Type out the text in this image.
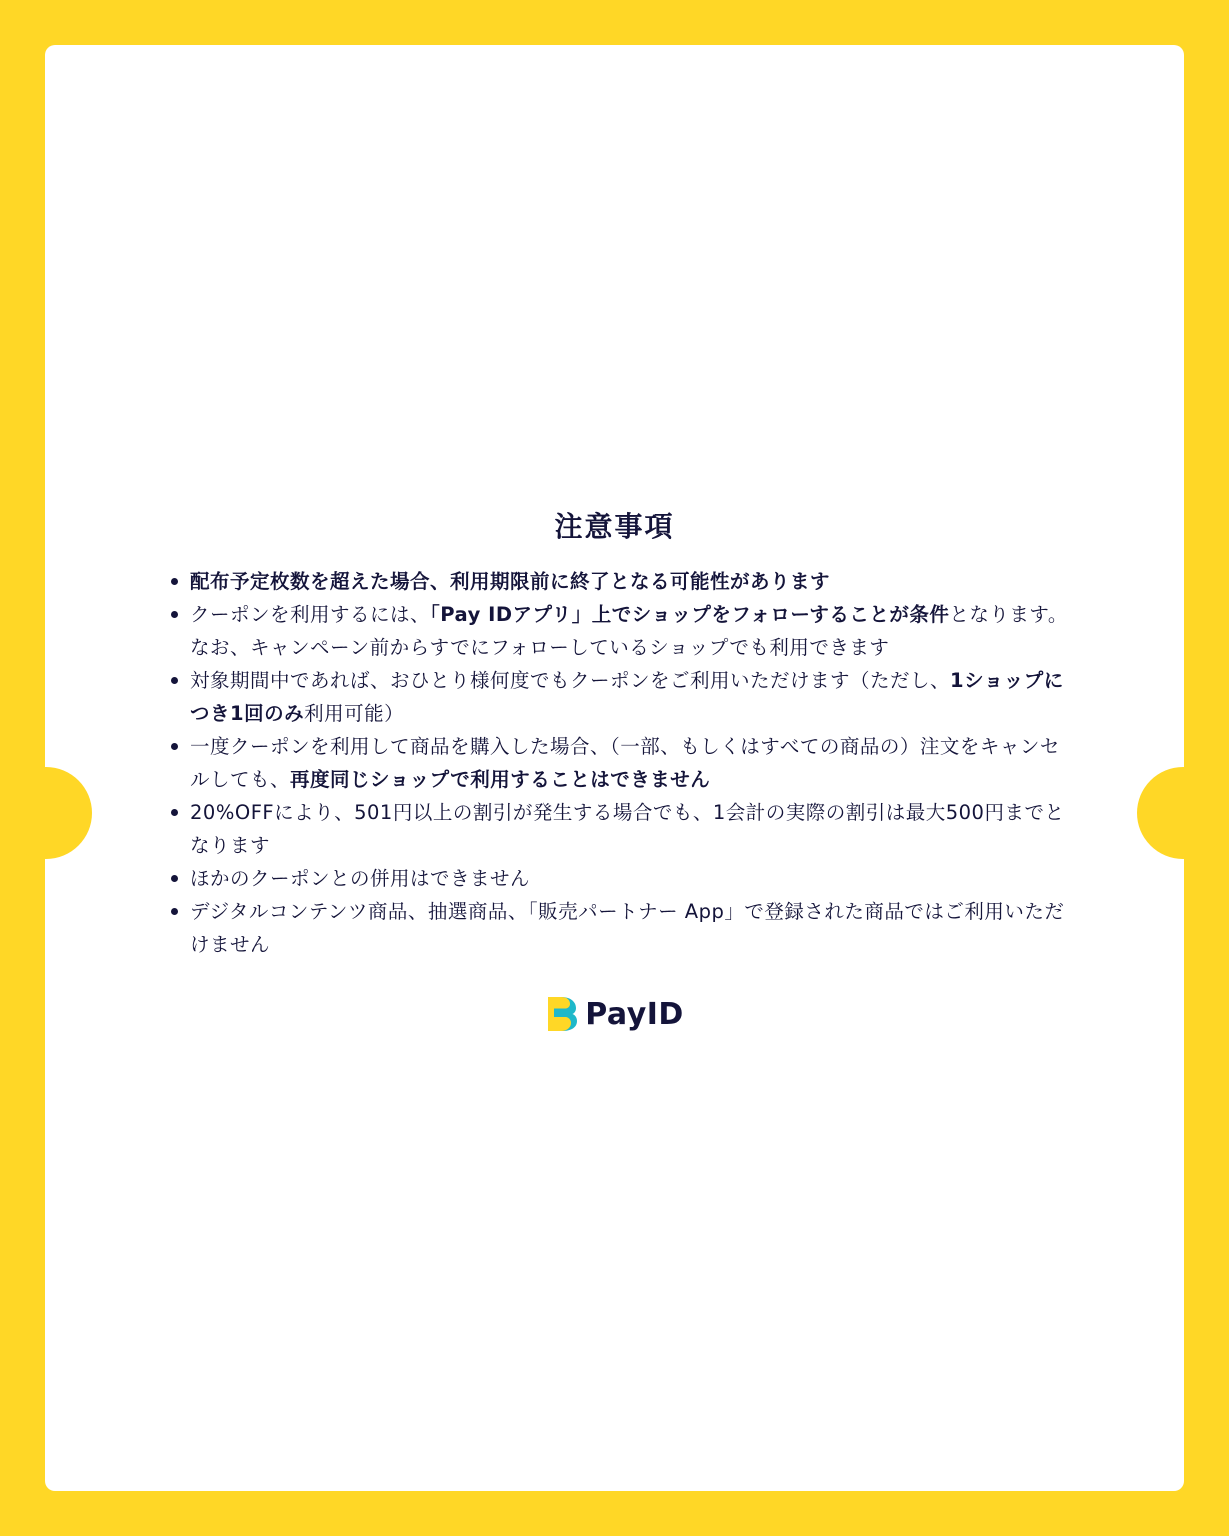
注意事項
配布予定枚数を超えた場合、利用期限前に終了となる可能性があります
クーポンを利用するには、「Pay IDアプリ」上でショップをフォローすることが条件となります。なお、キャンペーン前からすでにフォローしているショップでも利用できます
対象期間中であれば、おひとり様何度でもクーポンをご利用いただけます（ただし、1ショップにつき1回のみ利用可能）
一度クーポンを利用して商品を購入した場合、（一部、もしくはすべての商品の）注文をキャンセルしても、再度同じショップで利用することはできません
20%OFFにより、501円以上の割引が発生する場合でも、1会計の実際の割引は最大500円までとなります
ほかのクーポンとの併用はできません
デジタルコンテンツ商品、抽選商品、「販売パートナー App」で登録された商品ではご利用いただけません
PayID
